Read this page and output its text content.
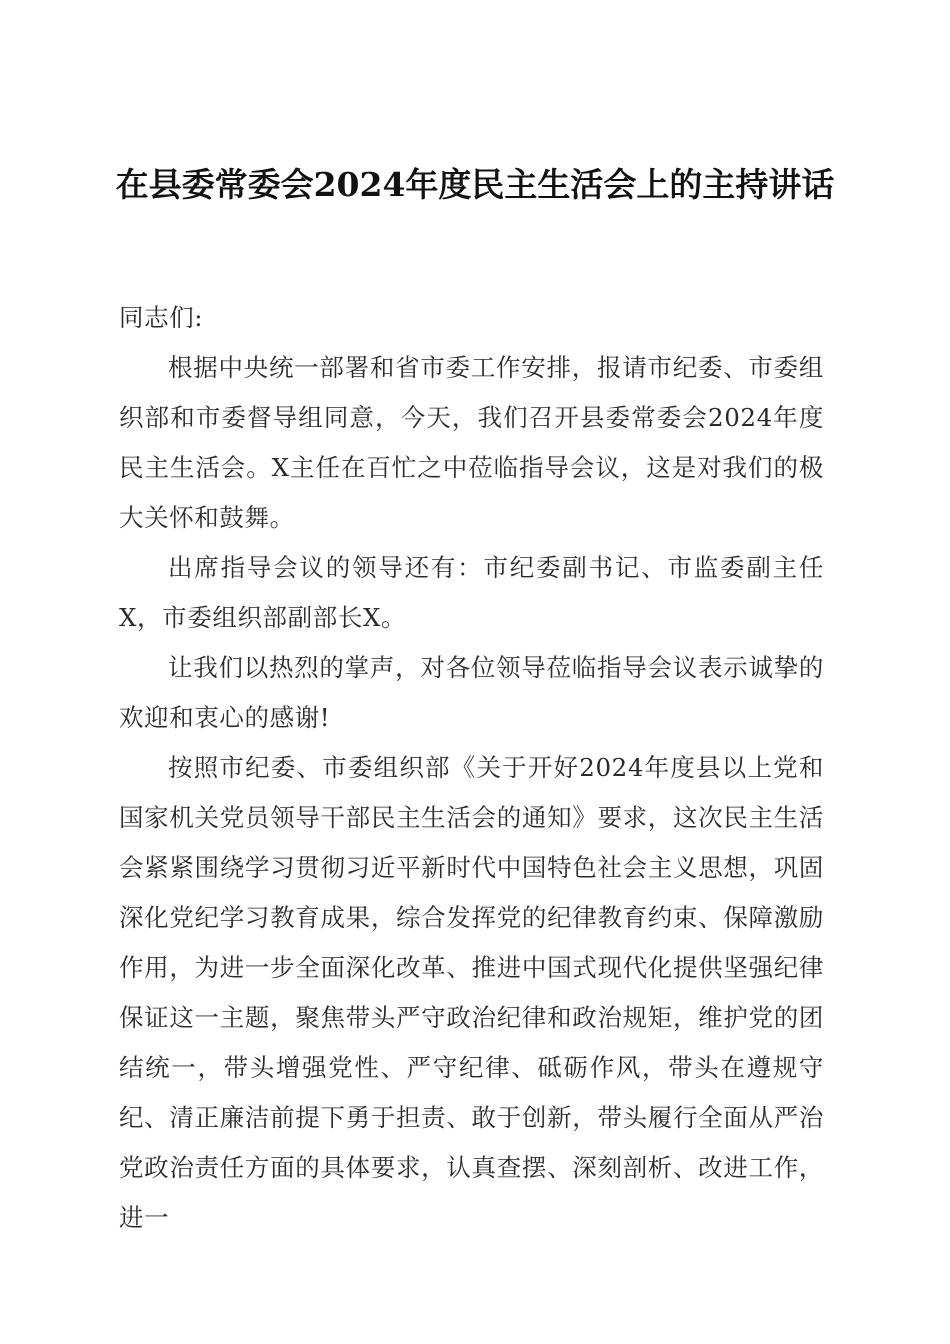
在县委常委会2024年度民主生活会上的主持讲话

同志们:

根据中央统一部署和省市委工作安排，报请市纪委、市委组织部和市委督导组同意，今天，我们召开县委常委会2024年度民主生活会。X主任在百忙之中莅临指导会议，这是对我们的极大关怀和鼓舞。

出席指导会议的领导还有：市纪委副书记、市监委副主任X，市委组织部副部长X。

让我们以热烈的掌声，对各位领导莅临指导会议表示诚挚的欢迎和衷心的感谢!

按照市纪委、市委组织部《关于开好2024年度县以上党和国家机关党员领导干部民主生活会的通知》要求，这次民主生活会紧紧围绕学习贯彻习近平新时代中国特色社会主义思想，巩固深化党纪学习教育成果，综合发挥党的纪律教育约束、保障激励作用，为进一步全面深化改革、推进中国式现代化提供坚强纪律保证这一主题，聚焦带头严守政治纪律和政治规矩，维护党的团结统一，带头增强党性、严守纪律、砥砺作风，带头在遵规守纪、清正廉洁前提下勇于担责、敢于创新，带头履行全面从严治党政治责任方面的具体要求，认真查摆、深刻剖析、改进工作，进一
